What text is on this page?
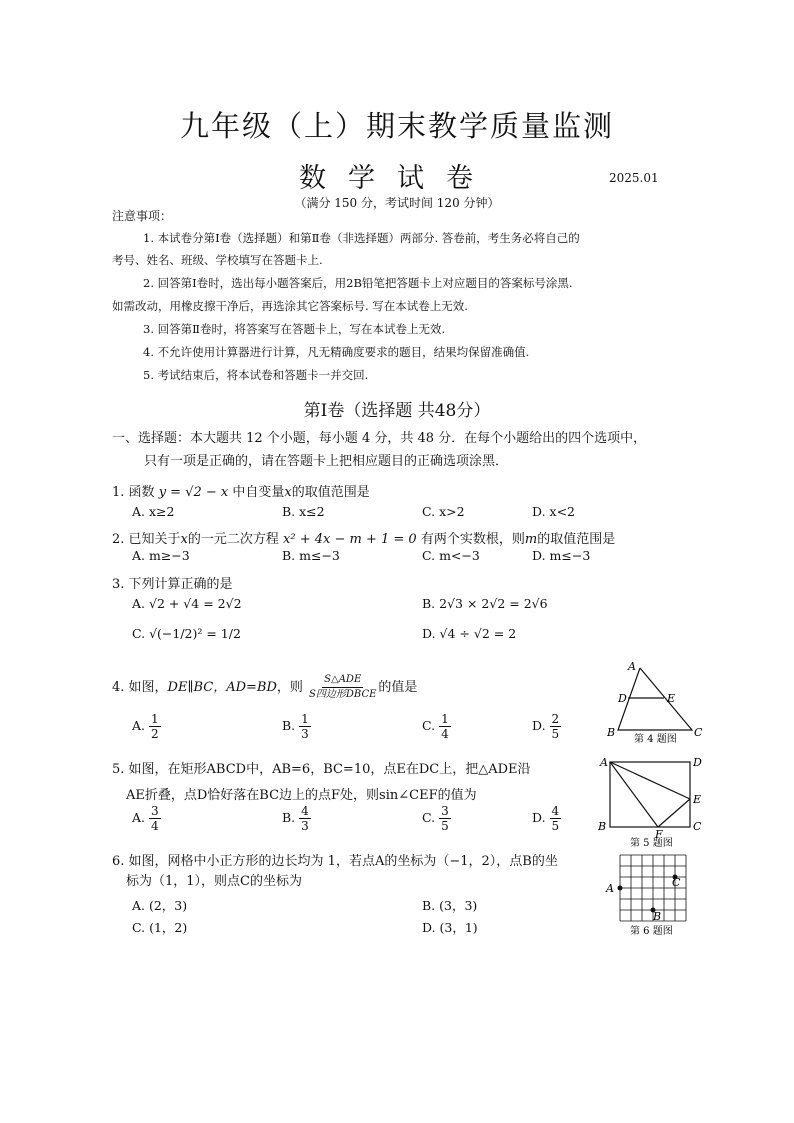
九年级（上）期末教学质量监测
数学试卷	2025.01
（满分 150 分，考试时间 120 分钟）
注意事项：
1. 本试卷分第Ⅰ卷（选择题）和第Ⅱ卷（非选择题）两部分. 答卷前，考生务必将自己的
考号、姓名、班级、学校填写在答题卡上.
2. 回答第Ⅰ卷时，选出每小题答案后，用2B铅笔把答题卡上对应题目的答案标号涂黑.
如需改动，用橡皮擦干净后，再选涂其它答案标号. 写在本试卷上无效.
3. 回答第Ⅱ卷时，将答案写在答题卡上，写在本试卷上无效.
4. 不允许使用计算器进行计算，凡无精确度要求的题目，结果均保留准确值.
5. 考试结束后，将本试卷和答题卡一并交回.
第Ⅰ卷（选择题 共48分）
一、选择题：本大题共 12 个小题，每小题 4 分，共 48 分．在每个小题给出的四个选项中，
只有一项是正确的，请在答题卡上把相应题目的正确选项涂黑．
1. 函数 y = √2 − x 中自变量x的取值范围是
A. x≥2	B. x≤2	C. x>2	D. x<2
2. 已知关于x的一元二次方程 x² + 4x − m + 1 = 0 有两个实数根，则m的取值范围是
A. m≥−3	B. m≤−3	C. m<−3	D. m≤−3
3. 下列计算正确的是
A. √2 + √4 = 2√2	B. 2√3 × 2√2 = 2√6
C. √(−1/2)² = 1/2	D. √4 ÷ √2 = 2
4. 如图，DE∥BC，AD=BD，则 $\frac{\text{S△ADE}}{\text{S四边形DBCE}}$ 的值是
A. $\frac{1}{2}$	B. $\frac{1}{3}$	C. $\frac{1}{4}$	D. $\frac{2}{5}$
A
D	E
B	C
第 4 题图
5. 如图，在矩形ABCD中，AB=6，BC=10，点E在DC上，把△ADE沿
AE折叠，点D恰好落在BC边上的点F处，则sin∠CEF的值为
A. $\frac{3}{4}$	B. $\frac{4}{3}$	C. $\frac{3}{5}$	D. $\frac{4}{5}$
A	D
E
B
F
C
第 5 题图
6. 如图，网格中小正方形的边长均为 1，若点A的坐标为（−1，2），点B的坐
标为（1，1），则点C的坐标为
A. (2，3)	B. (3，3)
C. (1，2)	D. (3，1)
A
B
C
第 6 题图
